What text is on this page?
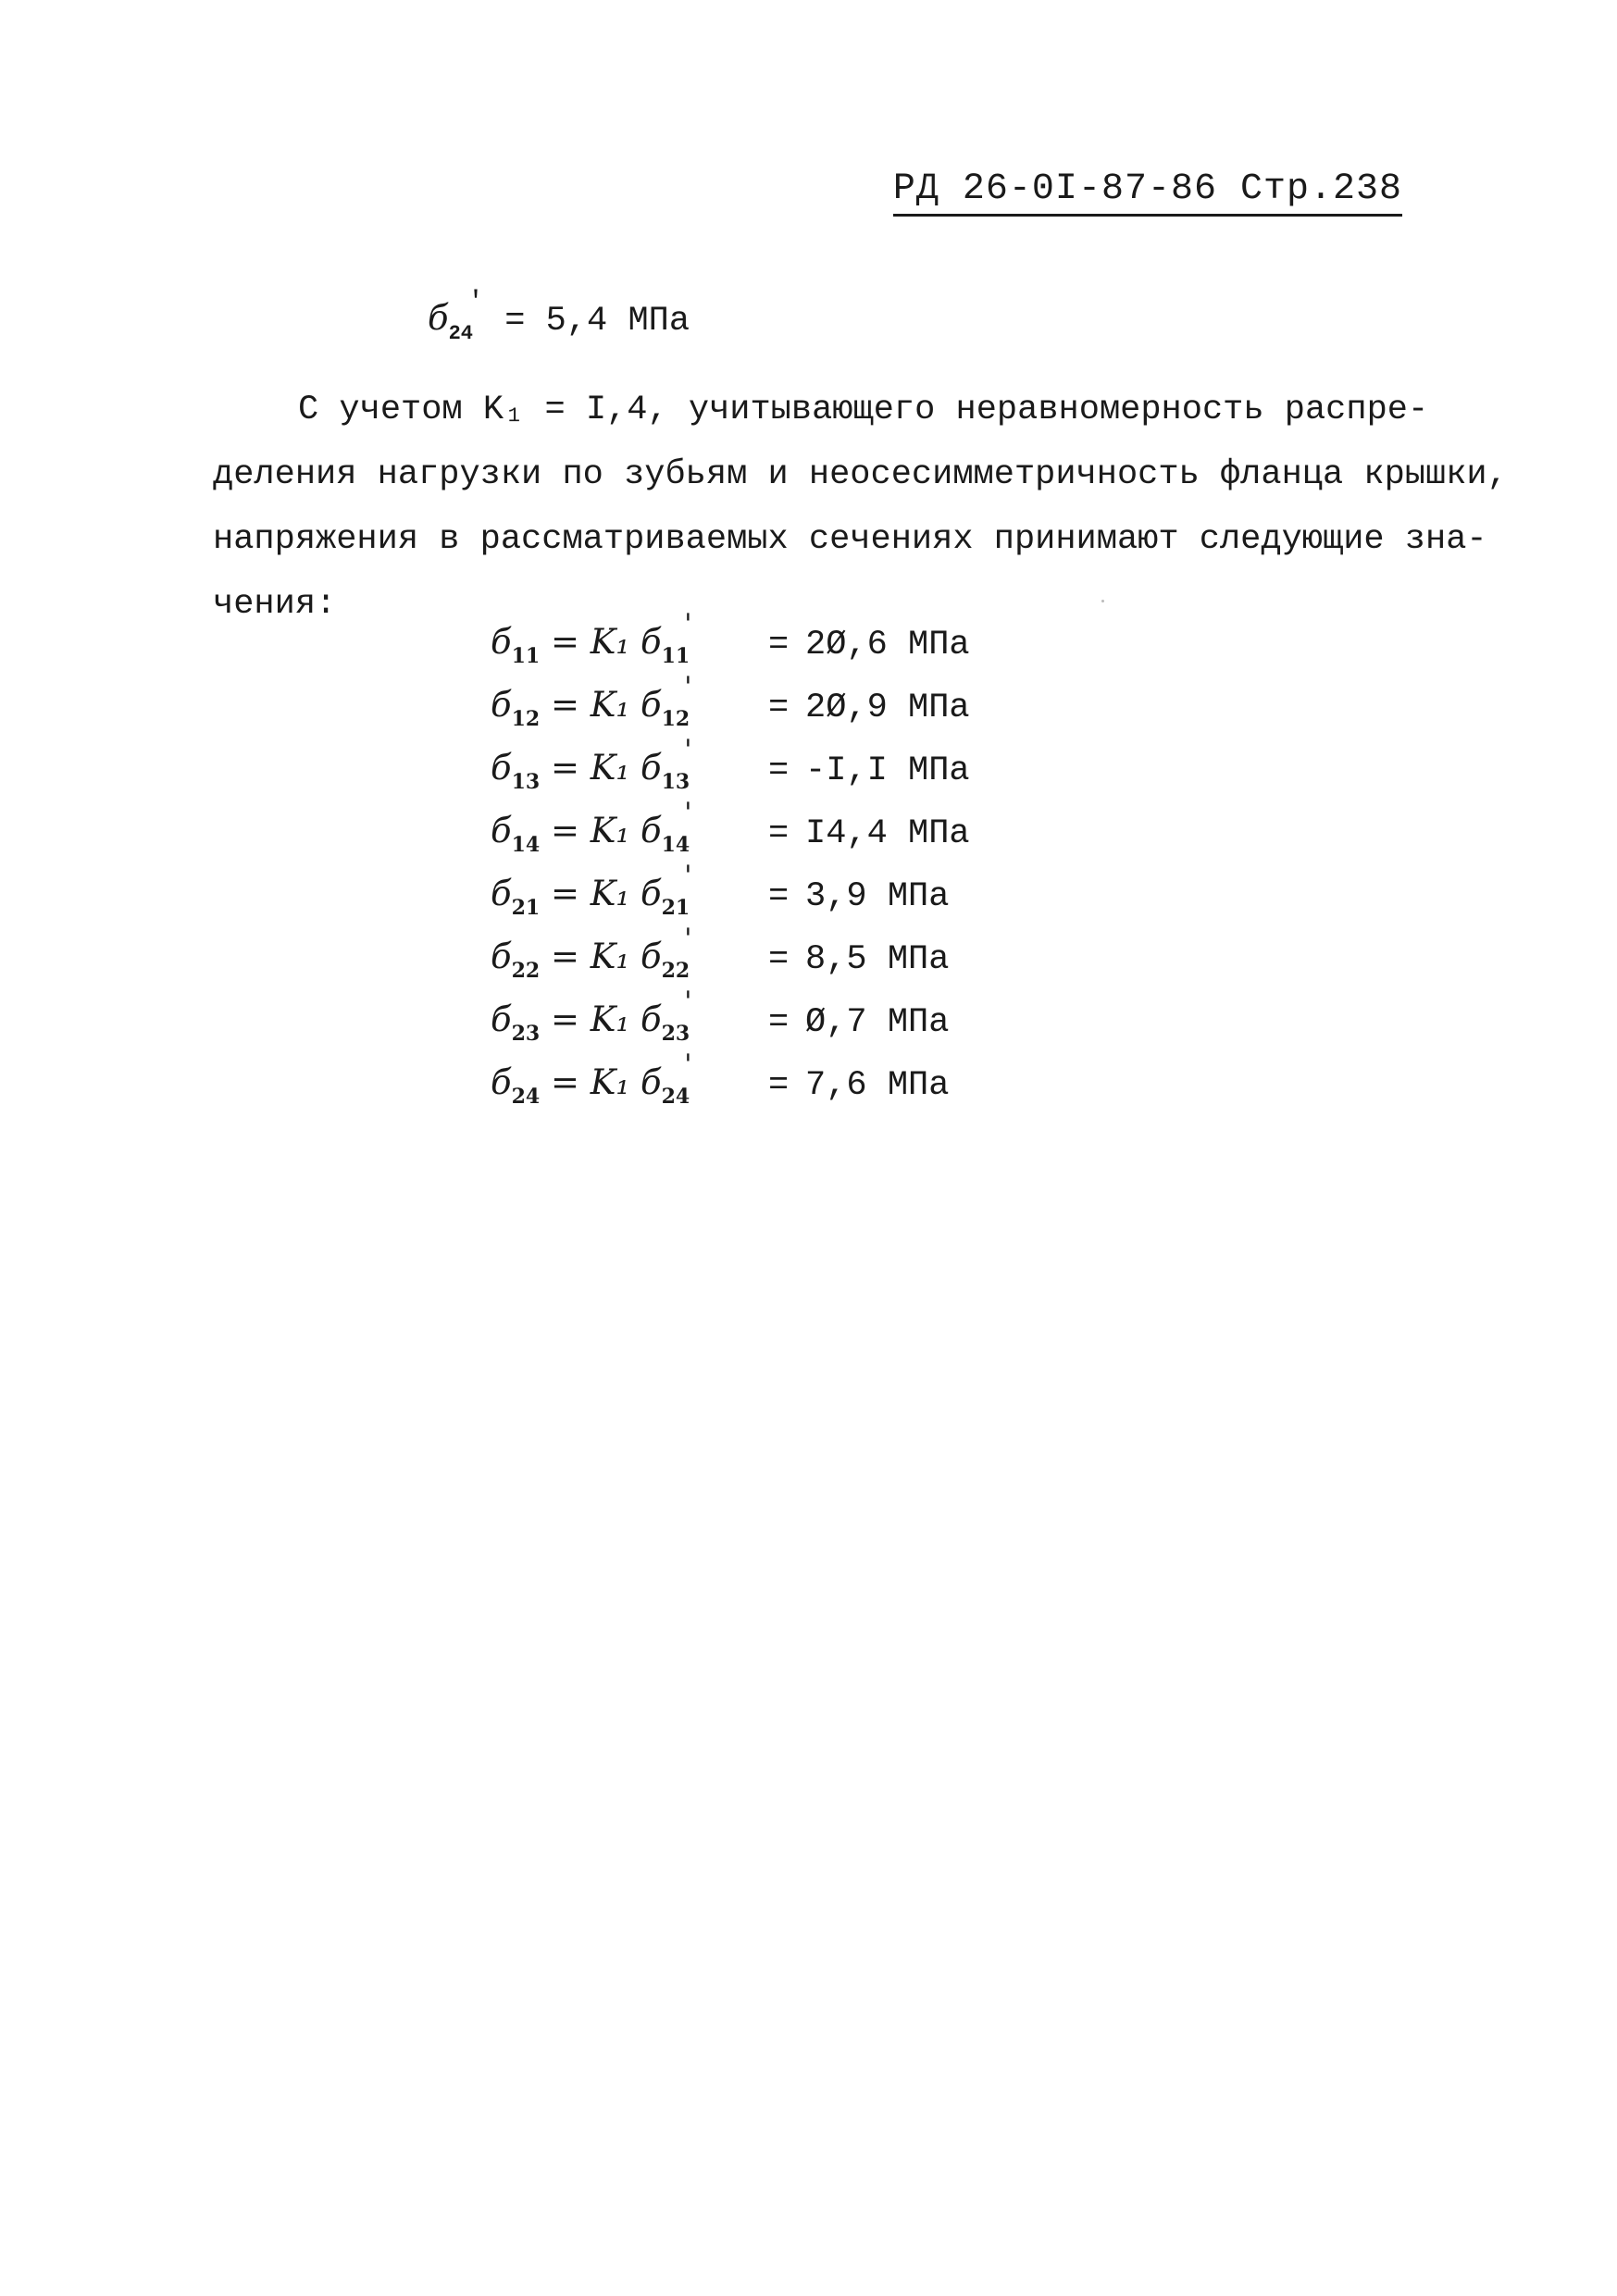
РД 26-0I-87-86 Стр.238
$б_{24}' = 5,4$ МПа

С учетом K₁ = I,4, учитывающего неравномерность распре-

деления нагрузки по зубьям и неосесимметричность фланца крышки,

напряжения в рассматриваемых сечениях принимают следующие зна-

чения:

$б_{11} = K_1$ $б_{11}'$
= 2Ø,6 МПа
$б_{12} = K_1$ $б_{12}'$
= 2Ø,9 МПа
$б_{13} = K_1$ $б_{13}'$
= -I,I МПа
$б_{14} = K_1$ $б_{14}'$
= I4,4 МПа
$б_{21} = K_1$ $б_{21}'$
= 3,9 МПа
$б_{22} = K_1$ $б_{22}'$
= 8,5 МПа
$б_{23} = K_1$ $б_{23}'$
= Ø,7 МПа
$б_{24} = K_1$ $б_{24}'$
= 7,6 МПа
